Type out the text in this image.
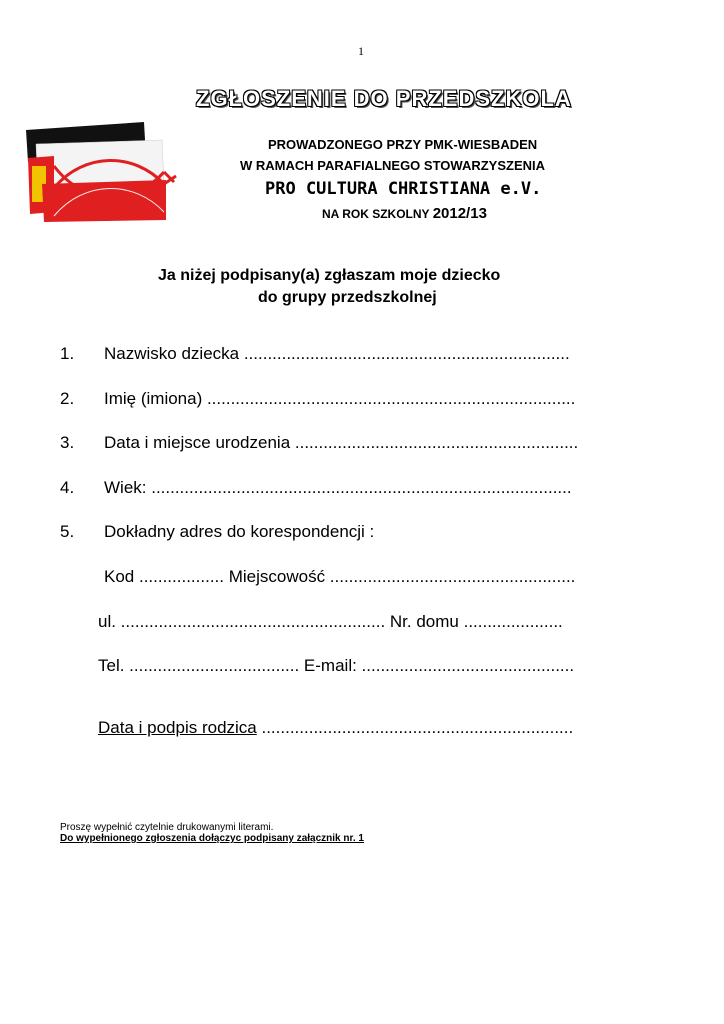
1
ZGŁOSZENIE DO PRZEDSZKOLA
PROWADZONEGO PRZY PMK-WIESBADEN
W RAMACH PARAFIALNEGO STOWARZYSZENIA
PRO CULTURA CHRISTIANA e.V.
NA ROK SZKOLNY 2012/13
Ja niżej podpisany(a) zgłaszam moje dziecko
do grupy przedszkolnej
1. Nazwisko dziecka .....................................................................
2. Imię (imiona) ..............................................................................
3. Data i miejsce urodzenia ............................................................
4. Wiek: .........................................................................................
5. Dokładny adres do korespondencji :
Kod .................. Miejscowość ....................................................
ul. ........................................................ Nr. domu .....................
Tel. .................................... E-mail: .............................................
Data i podpis rodzica ..................................................................
Proszę wypełnić czytelnie drukowanymi literami.
Do wypełnionego zgłoszenia dołączyc podpisany załącznik nr. 1
